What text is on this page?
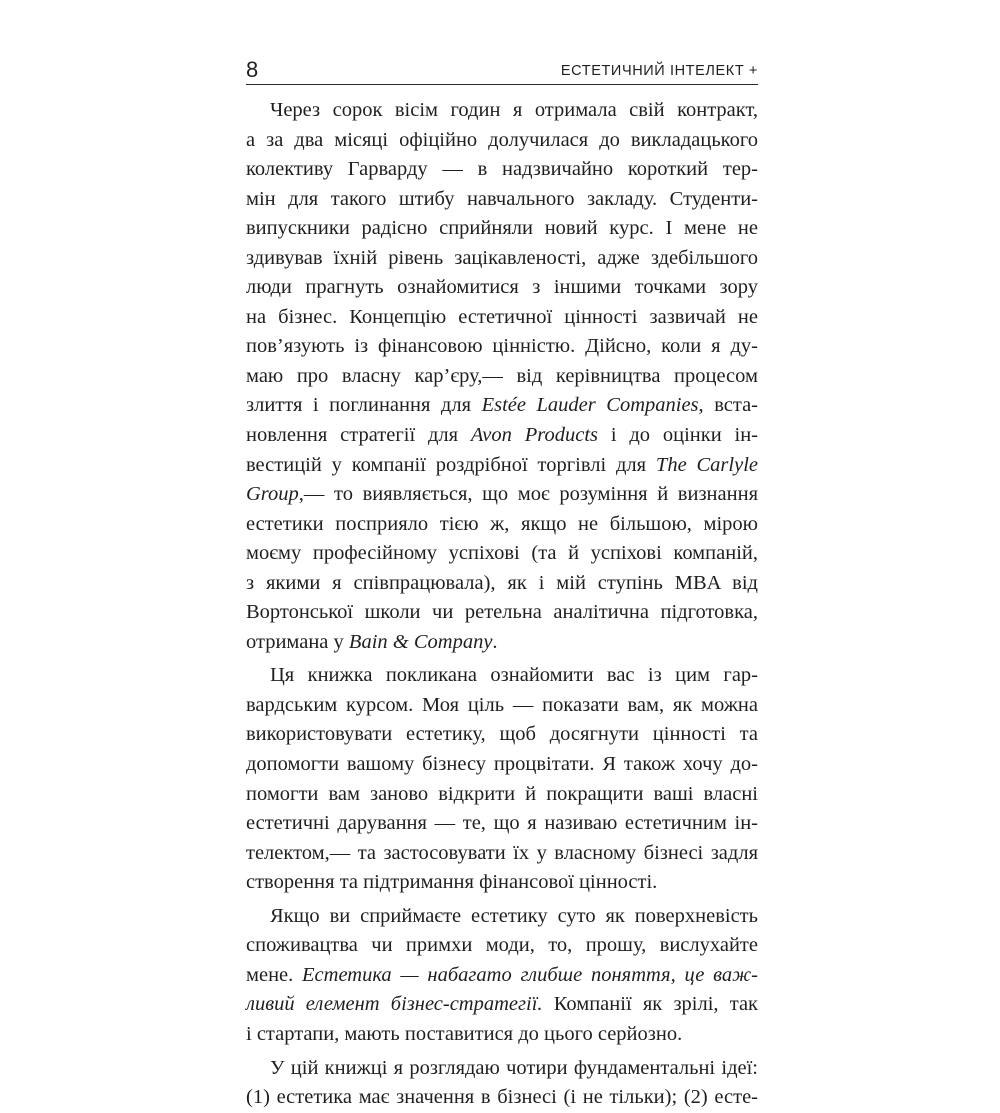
8	ЕСТЕТИЧНИЙ ІНТЕЛЕКТ +
Через сорок вісім годин я отримала свій контракт,
а за два місяці офіційно долучилася до викладацького
колективу Гарварду — в надзвичайно короткий тер-
мін для такого штибу навчального закладу. Студенти-
випускники радісно сприйняли новий курс. І мене не
здивував їхній рівень зацікавленості, адже здебільшого
люди прагнуть ознайомитися з іншими точками зору
на бізнес. Концепцію естетичної цінності зазвичай не
пов’язують із фінансовою цінністю. Дійсно, коли я ду-
маю про власну кар’єру,— від керівництва процесом
злиття і поглинання для Estée Lauder Companies, вста-
новлення стратегії для Avon Products і до оцінки ін-
вестицій у компанії роздрібної торгівлі для The Carlyle
Group,— то виявляється, що моє розуміння й визнання
естетики посприяло тією ж, якщо не більшою, мірою
моєму професійному успіхові (та й успіхові компаній,
з якими я співпрацювала), як і мій ступінь MBA від
Вортонської школи чи ретельна аналітична підготовка,
отримана у Bain & Company.
Ця книжка покликана ознайомити вас із цим гар-
вардським курсом. Моя ціль — показати вам, як можна
використовувати естетику, щоб досягнути цінності та
допомогти вашому бізнесу процвітати. Я також хочу до-
помогти вам заново відкрити й покращити ваші власні
естетичні дарування — те, що я називаю естетичним ін-
телектом,— та застосовувати їх у власному бізнесі задля
створення та підтримання фінансової цінності.
Якщо ви сприймаєте естетику суто як поверхневість
споживацтва чи примхи моди, то, прошу, вислухайте
мене. Естетика — набагато глибше поняття, це важ-
ливий елемент бізнес-стратегії. Компанії як зрілі, так
і стартапи, мають поставитися до цього серйозно.
У цій книжці я розглядаю чотири фундаментальні ідеї:
(1) естетика має значення в бізнесі (і не тільки); (2) есте-
